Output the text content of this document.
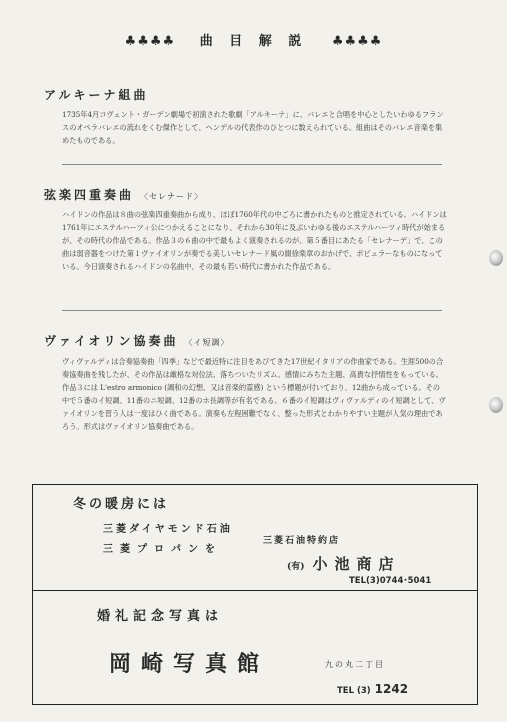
♣♣♣♣ 曲 目 解 説 ♣♣♣♣
アルキーナ組曲

1735年4月コヴェント・ガーデン劇場で初演された歌劇「アルキーナ」に、バレエと合唱を中心としたいわゆるフランスのオペラバレエの流れをくむ傑作として、ヘンデルの代表作のひとつに数えられている。組曲はそのバレエ音楽を集めたものである。

弦楽四重奏曲 〈セレナード〉

ハイドンの作品は８曲の弦楽四重奏曲から成り、ほぼ1760年代の中ごろに書かれたものと推定されている。ハイドンは1761年にエステルハーツィ公につかえることになり、それから30年に及ぶいわゆる後のエステルハーツィ時代が始まるが、その時代の作品である。作品３の６曲の中で最もよく演奏されるのが、第５番目にあたる「セレナーデ」で、この曲は弱音器をつけた第１ヴァイオリンが奏でる美しいセレナード風の綴徐楽章のおかげで、ポピュラーなものになっている。今日演奏されるハイドンの名曲中、その最も若い時代に書かれた作品である。

ヴァイオリン協奏曲 〈イ短調〉

ヴィヴァルディは合奏協奏曲「四季」などで最近特に注目をあびてきた17世紀イタリアの作曲家である。生涯500の合奏協奏曲を残したが、その作品は厳格な対位法、落ちついたリズム、感情にみちた主題、高貴な抒情性をもっている。作品３には L'estro armonico (調和の幻想、又は音楽的霊感) という標題が付いており、12曲から成っている。その中で５番のイ短調、11番のニ短調、12番のホ長調等が有名である。６番のイ短調はヴィヴァルディのイ短調として、ヴァイオリンを習う人は一度はひく曲である。演奏も左程困難でなく、整った形式とわかりやすい主題が人気の理由であろう。形式はヴァイオリン協奏曲である。

冬の暖房には
三菱ダイヤモンド石油
三菱プロパンを
三菱石油特約店
(有) 小池商店
TEL(3)0744･5041
婚礼記念写真は
岡崎写真館	九の丸二丁目
TEL (3) 1242
